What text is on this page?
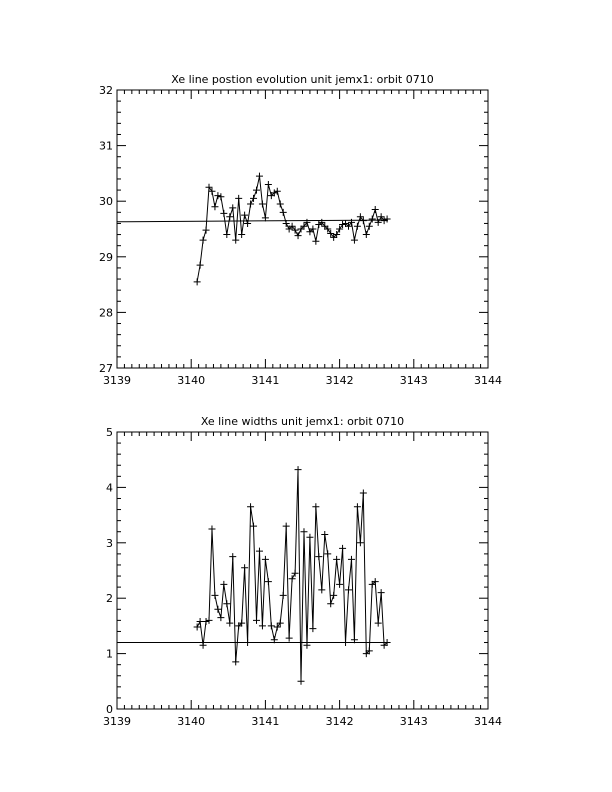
Xe line postion evolution unit jemx1: orbit 0710
3139	3140	3141	3142	3143	3144
27
28
29
30
31
32
Xe line widths unit jemx1: orbit 0710
3139	3140	3141	3142	3143	3144
0
1
2
3
4
5
